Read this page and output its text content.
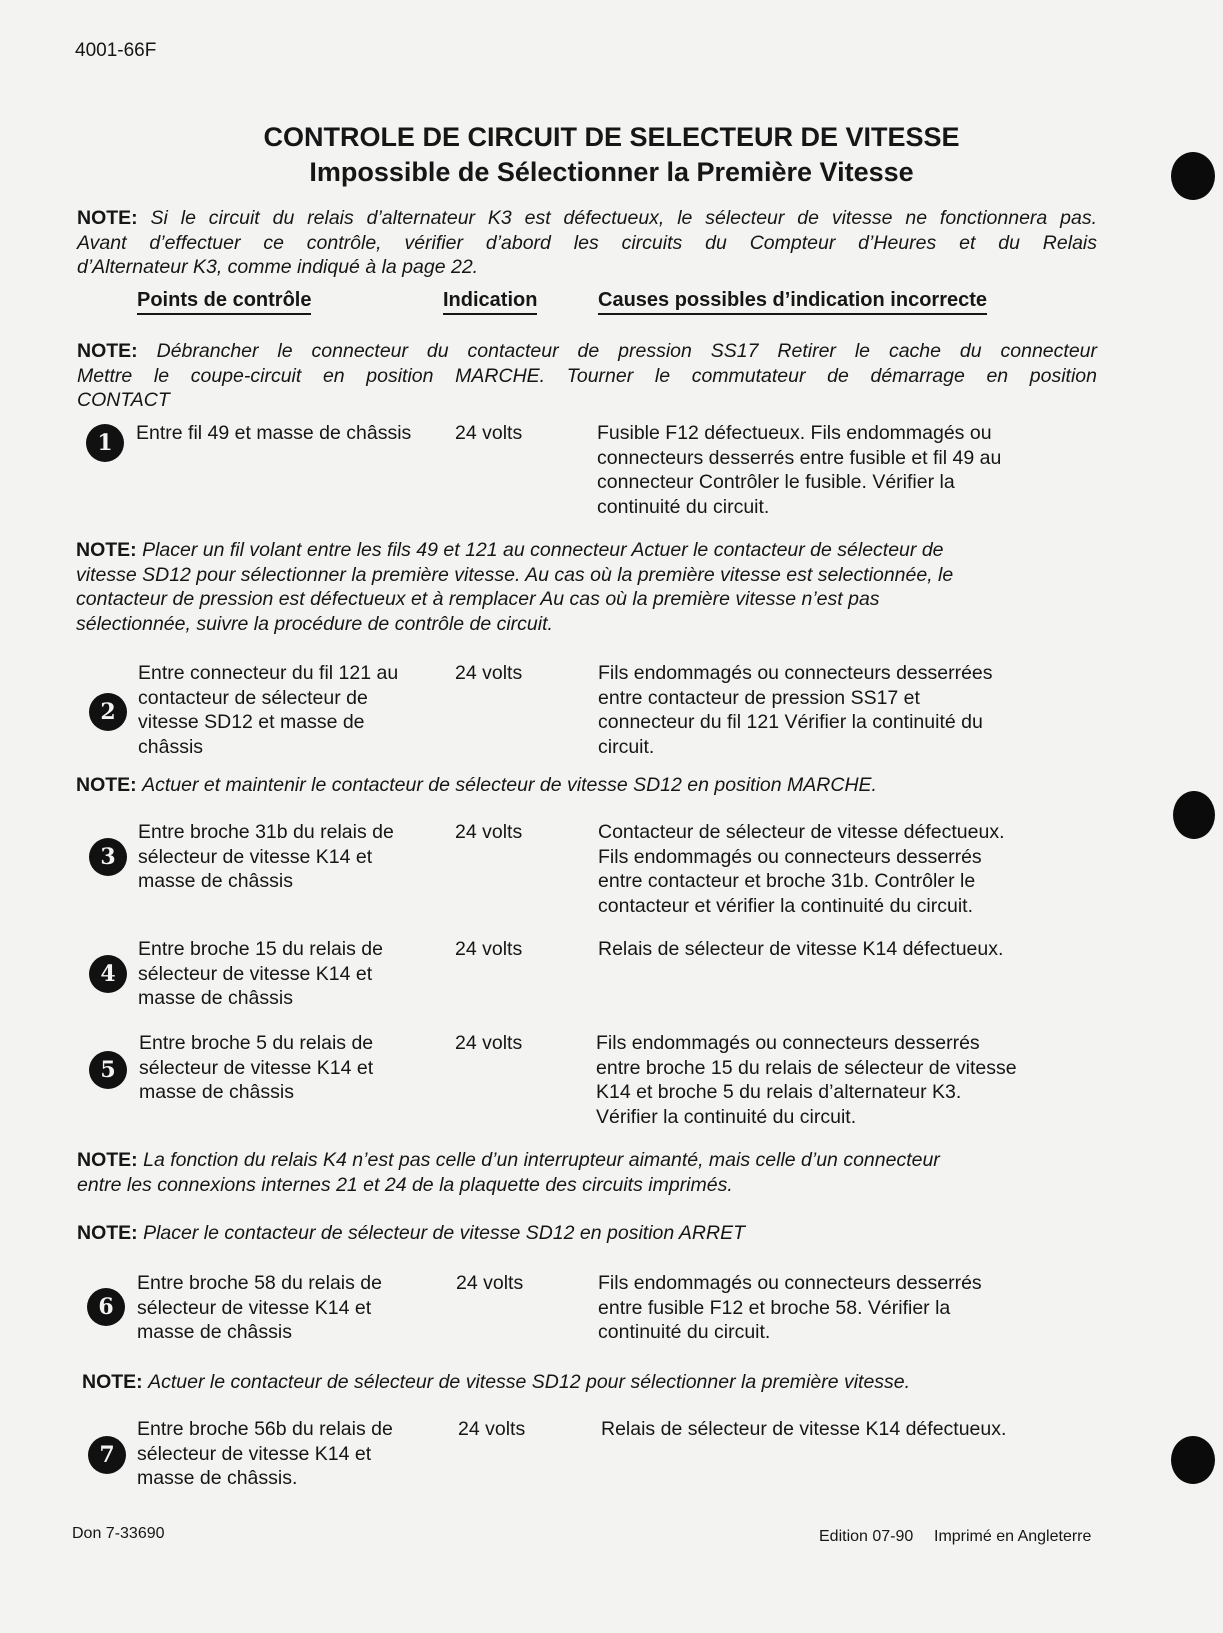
4001-66F
CONTROLE DE CIRCUIT DE SELECTEUR DE VITESSE
Impossible de Sélectionner la Première Vitesse
NOTE: Si le circuit du relais d’alternateur K3 est défectueux, le sélecteur de vitesse ne fonctionnera pas.
Avant d’effectuer ce contrôle, vérifier d’abord les circuits du Compteur d’Heures et du Relais
d’Alternateur K3, comme indiqué à la page 22.
Points de contrôle	Indication	Causes possibles d’indication incorrecte
NOTE: Débrancher le connecteur du contacteur de pression SS17 Retirer le cache du connecteur
Mettre le coupe-circuit en position MARCHE. Tourner le commutateur de démarrage en position
CONTACT
1	Entre fil 49 et masse de châssis	24 volts	Fusible F12 défectueux. Fils endommagés ou
connecteurs desserrés entre fusible et fil 49 au
connecteur Contrôler le fusible. Vérifier la
continuité du circuit.
NOTE: Placer un fil volant entre les fils 49 et 121 au connecteur Actuer le contacteur de sélecteur de
vitesse SD12 pour sélectionner la première vitesse. Au cas où la première vitesse est selectionnée, le
contacteur de pression est défectueux et à remplacer Au cas où la première vitesse n’est pas
sélectionnée, suivre la procédure de contrôle de circuit.
2
Entre connecteur du fil 121 au
contacteur de sélecteur de
vitesse SD12 et masse de
châssis
24 volts	Fils endommagés ou connecteurs desserrées
entre contacteur de pression SS17 et
connecteur du fil 121 Vérifier la continuité du
circuit.
NOTE: Actuer et maintenir le contacteur de sélecteur de vitesse SD12 en position MARCHE.
3
Entre broche 31b du relais de
sélecteur de vitesse K14 et
masse de châssis
24 volts	Contacteur de sélecteur de vitesse défectueux.
Fils endommagés ou connecteurs desserrés
entre contacteur et broche 31b. Contrôler le
contacteur et vérifier la continuité du circuit.
4
Entre broche 15 du relais de
sélecteur de vitesse K14 et
masse de châssis
24 volts	Relais de sélecteur de vitesse K14 défectueux.
5
Entre broche 5 du relais de
sélecteur de vitesse K14 et
masse de châssis
24 volts	Fils endommagés ou connecteurs desserrés
entre broche 15 du relais de sélecteur de vitesse
K14 et broche 5 du relais d’alternateur K3.
Vérifier la continuité du circuit.
NOTE: La fonction du relais K4 n’est pas celle d’un interrupteur aimanté, mais celle d’un connecteur
entre les connexions internes 21 et 24 de la plaquette des circuits imprimés.
NOTE: Placer le contacteur de sélecteur de vitesse SD12 en position ARRET
6
Entre broche 58 du relais de
sélecteur de vitesse K14 et
masse de châssis
24 volts	Fils endommagés ou connecteurs desserrés
entre fusible F12 et broche 58. Vérifier la
continuité du circuit.
NOTE: Actuer le contacteur de sélecteur de vitesse SD12 pour sélectionner la première vitesse.
7
Entre broche 56b du relais de
sélecteur de vitesse K14 et
masse de châssis.
24 volts	Relais de sélecteur de vitesse K14 défectueux.
Don 7-33690	Edition 07-90 Imprimé en Angleterre
